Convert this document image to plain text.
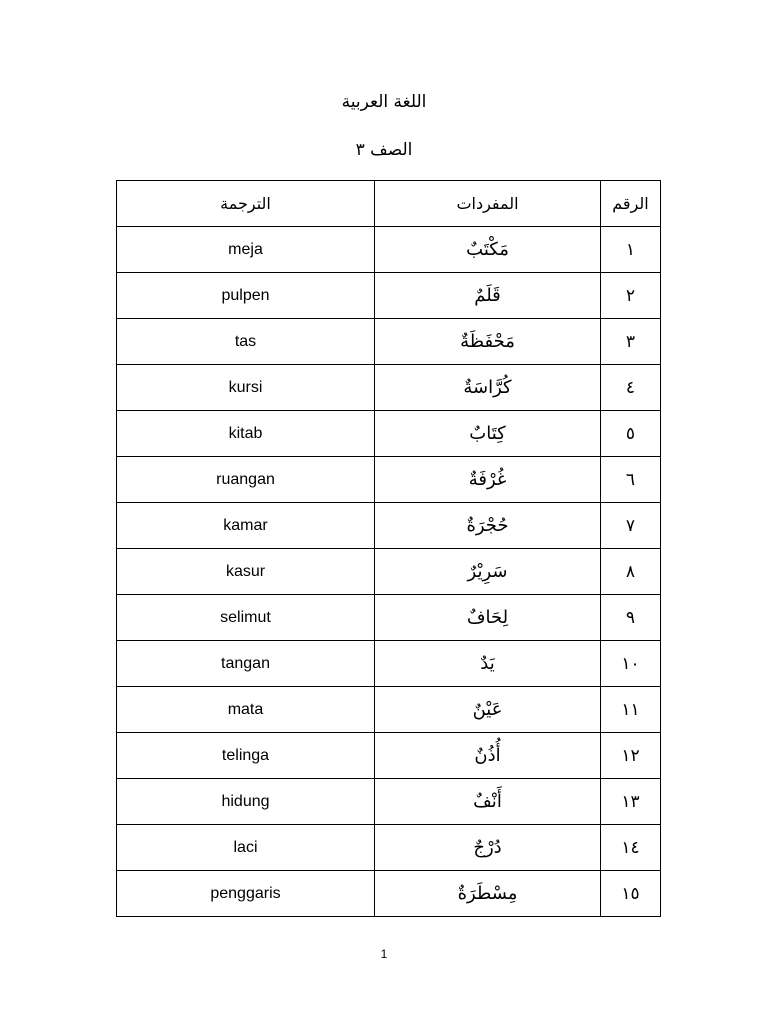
اللغة العربية
الصف ٣
الترجمة	المفردات	الرقم
meja	مَكْتَبٌ	١
pulpen	قَلَمٌ	٢
tas	مَحْفَظَةٌ	٣
kursi	كُرَّاسَةٌ	٤
kitab	كِتَابٌ	٥
ruangan	غُرْفَةٌ	٦
kamar	حُجْرَةٌ	٧
kasur	سَرِيْرٌ	٨
selimut	لِحَافٌ	٩
tangan	يَدٌ	١٠
mata	عَيْنٌ	١١
telinga	أُذُنٌ	١٢
hidung	أَنْفٌ	١٣
laci	دُرْجٌ	١٤
penggaris	مِسْطَرَةٌ	١٥
1
